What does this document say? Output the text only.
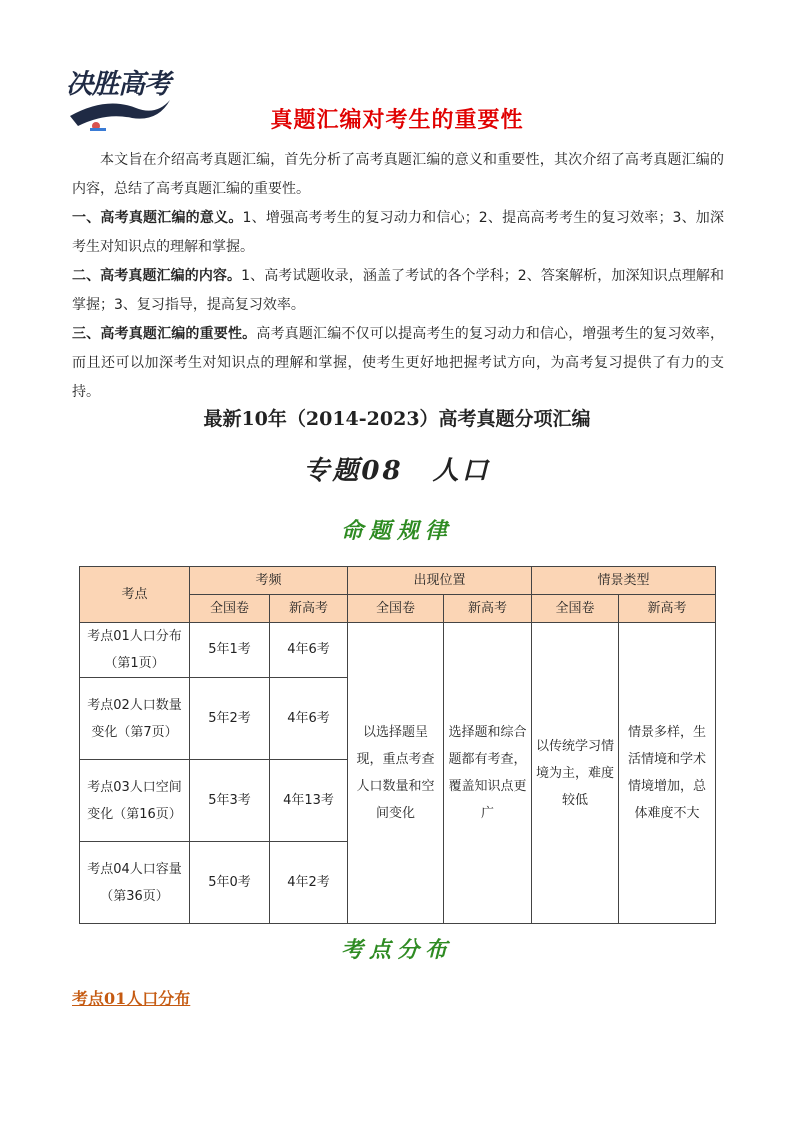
决胜高考
真题汇编对考生的重要性
本文旨在介绍高考真题汇编，首先分析了高考真题汇编的意义和重要性，其次介绍了高考真题汇编的内容，总结了高考真题汇编的重要性。
一、高考真题汇编的意义。1、增强高考考生的复习动力和信心；2、提高高考考生的复习效率；3、加深考生对知识点的理解和掌握。
二、高考真题汇编的内容。1、高考试题收录，涵盖了考试的各个学科；2、答案解析，加深知识点理解和掌握；3、复习指导，提高复习效率。
三、高考真题汇编的重要性。高考真题汇编不仅可以提高考生的复习动力和信心，增强考生的复习效率，而且还可以加深考生对知识点的理解和掌握，使考生更好地把握考试方向，为高考复习提供了有力的支持。
最新10年（2014-2023）高考真题分项汇编
专题08　人口
命题规律
考点	考频		出现位置		情景类型	
	全国卷	新高考	全国卷	新高考	全国卷	新高考
考点01人口分布（第1页）	5年1考	4年6考	以选择题呈现，重点考查人口数量和空间变化	选择题和综合题都有考查，覆盖知识点更广	以传统学习情境为主，难度较低	情景多样，生活情境和学术情境增加，总体难度不大
考点02人口数量变化（第7页）	5年2考	4年6考				
考点03人口空间变化（第16页）	5年3考	4年13考				
考点04人口容量（第36页）	5年0考	4年2考				
考点分布
考点01人口分布
